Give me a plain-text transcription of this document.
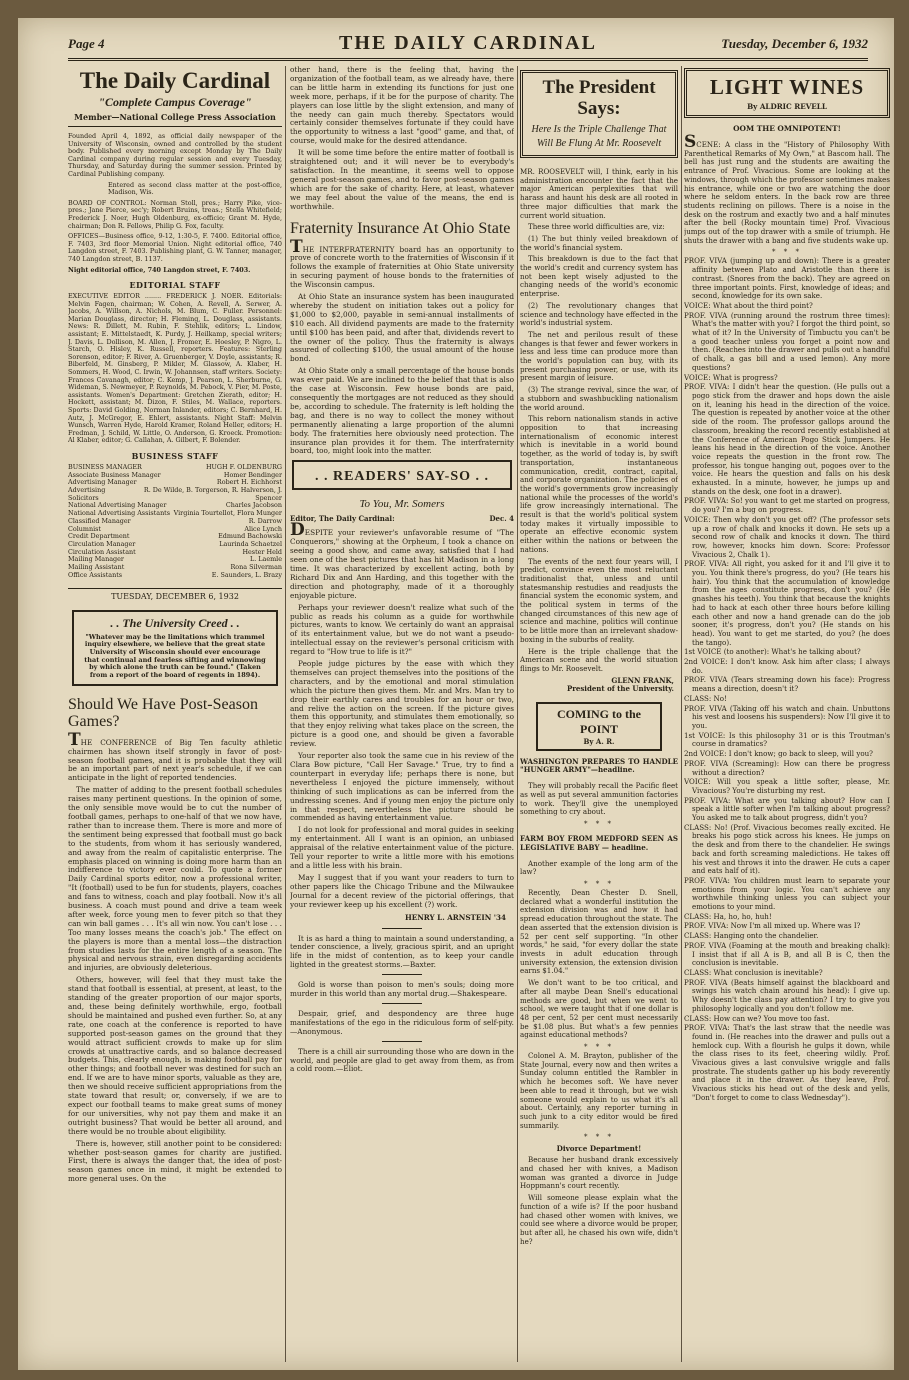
Page 4	THE DAILY CARDINAL	Tuesday, December 6, 1932
The Daily Cardinal
"Complete Campus Coverage"
Member—National College Press Association

Founded April 4, 1892, as official daily newspaper of the University of Wisconsin, owned and controlled by the student body. Published every morning except Monday by The Daily Cardinal company during regular session and every Tuesday, Thursday, and Saturday during the summer session. Printed by Cardinal Publishing company.

Entered as second class matter at the post-office, Madison, Wis.

BOARD OF CONTROL: Norman Stoll, pres.; Harry Pike, vice-pres.; Jane Pierce, sec'y; Robert Bruins, treas.; Stella Whitefield; Frederick J. Noer, Hugh Oldenburg, ex-officio; Grant M. Hyde, chairman; Don R. Fellows, Philip G. Fox, faculty.

OFFICES—Business office, 9-12, 1:30-5, F. 7400. Editorial office, F. 7403, 3rd floor Memorial Union. Night editorial office, 740 Langdon street, F. 7403. Publishing plant, G. W. Tanner, manager, 740 Langdon street, B. 1137.

Night editorial office, 740 Langdon street, F. 7403.

EDITORIAL STAFF

EXECUTIVE EDITOR ........ FREDERICK J. NOER. Editorials: Melvin Fagen, chairman; W. Cohen, A. Revell, A. Serwer, A. Jacobs, A. Willson, A. Nichols, M. Blum, C. Fuller. Personnel: Marian Douglass, director; H. Fleming, L. Douglass, assistants. News: R. Dillett, M. Rubin, F. Stehlik, editors; L. Lindow, assistant; E. Mittelstaedt, K. Purdy, J. Heilkamp, special writers; J. Davis, L. Dollison, M. Allen, J. Fromer, E. Hoesley, P. Nigro, L. Starch, O. Hisley, K. Russell, reporters. Features: Sterling Sorenson, editor; F. River, A. Gruenberger, V. Doyle, assistants; R. Biberfeld, M. Ginsberg, P. Mikler, M. Glassow, A. Klaber, H. Sommers, H. Wood, C. Irwin, W. Johannsen, staff writers. Society: Frances Cavanagh, editor; C. Kemp, J. Pearson, L. Sherburne, G. Wideman, S. Newmeyer, P. Reynolds, M. Pebock, V. Pier, M. Poste, assistants. Women's Department: Gretchen Zierath, editor; H. Hockett, assistant; M. Dizon, F. Stiles, M. Wallace, reporters. Sports: David Golding, Norman Inlander, editors; C. Bernhard, H. Autz, J. McGregor, E. Ehlert, assistants. Night Staff: Melvin Wunsch, Warren Hyde, Harold Kramer, Roland Heller, editors; H. Fredman, J. Schild, W. Little, O. Anderson, G. Kroeck. Promotion: Al Klaber, editor; G. Callahan, A. Gilbert, F. Bolender.

BUSINESS STAFF
BUSINESS MANAGER	HUGH F. OLDENBURG
Associate Business Manager	Homer Bendinger
Advertising Manager	Robert H. Eichhorst
Advertising Solicitors
R. De Wilde, B. Torgerson, R. Halverson, J. Spencer
National Advertising Manager	Charles Jacobson
National Advertising Assistants Virginia Tourtellot, Flora Munger
Classified Manager	R. Darrow
Columnist	Alice Lynch
Credit Department	Edmund Bachowski
Circulation Manager	Laurinda Schaetzel
Circulation Assistant	Hester Held
Mailing Manager	L. Laemle
Mailing Assistant	Rona Silverman
Office Assistants	E. Saunders, L. Brazy
TUESDAY, DECEMBER 6, 1932
. . The University Creed . .
"Whatever may be the limitations which trammel inquiry elsewhere, we believe that the great state University of Wisconsin should ever encourage that continual and fearless sifting and winnowing by which alone the truth can be found." (Taken from a report of the board of regents in 1894).
Should We Have Post-Season Games?

THE CONFERENCE of Big Ten faculty athletic chairmen has shown itself strongly in favor of post-season football games, and it is probable that they will be an important part of next year's schedule, if we can anticipate in the light of reported tendencies.

The matter of adding to the present football schedules raises many pertinent questions. In the opinion of some, the only sensible move would be to cut the number of football games, perhaps to one-half of that we now have, rather than to increase them. There is more and more of the sentiment being expressed that football must go back to the students, from whom it has seriously wandered, and away from the realm of capitalistic enterprise. The emphasis placed on winning is doing more harm than an indifference to victory ever could. To quote a former Daily Cardinal sports editor, now a professional writer, "It (football) used to be fun for students, players, coaches and fans to witness, coach and play football. Now it's all business. A coach must pound and drive a team week after week, force young men to fever pitch so that they can win ball games . . . It's all win now. You can't lose . . . Too many losses means the coach's job." The effect on the players is more than a mental loss—the distraction from studies lasts for the entire length of a season. The physical and nervous strain, even disregarding accidents and injuries, are obviously deleterious.

Others, however, will feel that they must take the stand that football is essential, at present, at least, to the standing of the greater proportion of our major sports, and, these being definitely worthwhile, ergo, football should be maintained and pushed even further. So, at any rate, one coach at the conference is reported to have supported post-season games on the ground that they would attract sufficient crowds to make up for slim crowds at unattractive cards, and so balance decreased budgets. This, clearly enough, is making football pay for other things; and football never was destined for such an end. If we are to have minor sports, valuable as they are, then we should receive sufficient appropriations from the state toward that result; or, conversely, if we are to expect our football teams to make great sums of money for our universities, why not pay them and make it an outright business? That would be better all around, and there would be no trouble about eligibility.

There is, however, still another point to be considered: whether post-season games for charity are justified. First, there is always the danger that, the idea of post-season games once in mind, it might be extended to more general uses. On the

other hand, there is the feeling that, having the organization of the football team, as we already have, there can be little harm in extending its functions for just one week more, perhaps, if it be for the purpose of charity. The players can lose little by the slight extension, and many of the needy can gain much thereby. Spectators would certainly consider themselves fortunate if they could have the opportunity to witness a last "good" game, and that, of course, would make for the desired attendance.

It will be some time before the entire matter of football is straightened out; and it will never be to everybody's satisfaction. In the meantime, it seems well to oppose general post-season games, and to favor post-season games which are for the sake of charity. Here, at least, whatever we may feel about the value of the means, the end is worthwhile.

Fraternity Insurance At Ohio State

THE INTERFRATERNITY board has an opportunity to prove of concrete worth to the fraternities of Wisconsin if it follows the example of fraternities at Ohio State university in securing payment of house bonds to the fraternities of the Wisconsin campus.

At Ohio State an insurance system has been inaugurated whereby the student on initiation takes out a policy for $1,000 to $2,000, payable in semi-annual installments of $10 each. All dividend payments are made to the fraternity until $100 has been paid, and after that, dividends revert to the owner of the policy. Thus the fraternity is always assured of collecting $100, the usual amount of the house bond.

At Ohio State only a small percentage of the house bonds was ever paid. We are inclined to the belief that that is also the case at Wisconsin. Few house bonds are paid, consequently the mortgages are not reduced as they should be, according to schedule. The fraternity is left holding the bag, and there is no way to collect the money without permanently alienating a large proportion of the alumni body. The fraternities here obviously need protection. The insurance plan provides it for them. The interfraternity board, too, might look into the matter.

. . READERS' SAY-SO . .
To You, Mr. Somers
Editor, The Daily Cardinal:	Dec. 4

DESPITE your reviewer's unfavorable resume of "The Conquerors," showing at the Orpheum, I took a chance on seeing a good show, and came away, satisfied that I had seen one of the best pictures that has hit Madison in a long time. It was characterized by excellent acting, both by Richard Dix and Ann Harding, and this together with the direction and photography, made of it a thoroughly enjoyable picture.

Perhaps your reviewer doesn't realize what such of the public as reads his column as a guide for worthwhile pictures, wants to know. We certainly do want an appraisal of its entertainment value, but we do not want a pseudo-intellectual essay on the reviewer's personal criticism with regard to "How true to life is it?"

People judge pictures by the ease with which they themselves can project themselves into the positions of the characters, and by the emotional and moral stimulation which the picture then gives them. Mr. and Mrs. Man try to drop their earthly cares and troubles for an hour or two, and relive the action on the screen. If the picture gives them this opportunity, and stimulates them emotionally, so that they enjoy reliving what takes place on the screen, the picture is a good one, and should be given a favorable review.

Your reporter also took the same cue in his review of the Clara Bow picture, "Call Her Savage." True, try to find a counterpart in everyday life; perhaps there is none, but nevertheless I enjoyed the picture immensely, without thinking of such implications as can be inferred from the undressing scenes. And if young men enjoy the picture only in that respect, nevertheless the picture should be commended as having entertainment value.

I do not look for professional and moral guides in seeking my entertainment. All I want is an opinion, an unbiased appraisal of the relative entertainment value of the picture. Tell your reporter to write a little more with his emotions and a little less with his brain.

May I suggest that if you want your readers to turn to other papers like the Chicago Tribune and the Milwaukee Journal for a decent review of the pictorial offerings, that your reviewer keep up his excellent (?) work.

HENRY L. ARNSTEIN '34

It is as hard a thing to maintain a sound understanding, a tender conscience, a lively, gracious spirit, and an upright life in the midst of contention, as to keep your candle lighted in the greatest storms.—Baxter.

Gold is worse than poison to men's souls; doing more murder in this world than any mortal drug.—Shakespeare.

Despair, grief, and despondency are three huge manifestations of the ego in the ridiculous form of self-pity.—Anonymous.

There is a chill air surrounding those who are down in the world, and people are glad to get away from them, as from a cold room.—Eliot.

The President Says:
Here Is the Triple Challenge That Will Be Flung At Mr. Roosevelt

MR. ROOSEVELT will, I think, early in his administration encounter the fact that the major American perplexities that will harass and haunt his desk are all rooted in three major difficulties that mark the current world situation.

These three world difficulties are, viz:

(1) The but thinly veiled breakdown of the world's financial system.

This breakdown is due to the fact that the world's credit and currency system has not been kept wisely adjusted to the changing needs of the world's economic enterprise.

(2) The revolutionary changes that science and technology have effected in the world's industrial system.

The net and perilous result of these changes is that fewer and fewer workers in less and less time can produce more than the world's population can buy, with its present purchasing power, or use, with its present margin of leisure.

(3) The strange revival, since the war, of a stubborn and swashbuckling nationalism the world around.

This reborn nationalism stands in active opposition to that increasing internationalism of economic interest which is inevitable in a world bound together, as the world of today is, by swift transportation, instantaneous communication, credit, contract, capital, and corporate organization. The policies of the world's governments grow increasingly national while the processes of the world's life grow increasingly international. The result is that the world's political system today makes it virtually impossible to operate an effective economic system either within the nations or between the nations.

The events of the next four years will, I predict, convince even the most reluctant traditionalist that, unless and until statesmanship restudies and readjusts the financial system the economic system, and the political system in terms of the changed circumstances of this new age of science and machine, politics will continue to be little more than an irrelevant shadow-boxing in the suburbs of reality.

Here is the triple challenge that the American scene and the world situation flings to Mr. Roosevelt.

GLENN FRANK,
President of the University.
COMING to the POINT
By A. R.

WASHINGTON PREPARES TO HANDLE "HUNGER ARMY"—headline.

They will probably recall the Pacific fleet as well as put several ammunition factories to work. They'll give the unemployed something to cry about.

* * *

FARM BOY FROM MEDFORD SEEN AS LEGISLATIVE BABY — headline.

Another example of the long arm of the law?

* * *

Recently, Dean Chester D. Snell, declared what a wonderful institution the extension division was and how it had spread education throughout the state. The dean asserted that the extension division is 52 per cent self supporting. "In other words," he said, "for every dollar the state invests in adult education through university extension, the extension division earns $1.04."

We don't want to be too critical, and after all maybe Dean Snell's educational methods are good, but when we went to school, we were taught that if one dollar is 48 per cent, 52 per cent must necessarily be $1.08 plus. But what's a few pennies against educational methods?

* * *

Colonel A. M. Brayton, publisher of the State Journal, every now and then writes a Sunday column entitled the Rambler in which he becomes soft. We have never been able to read it through, but we wish someone would explain to us what it's all about. Certainly, any reporter turning in such junk to a city editor would be fired summarily.

* * *
Divorce Department!

Because her husband drank excessively and chased her with knives, a Madison woman was granted a divorce in Judge Hoppmann's court recently.

Will someone please explain what the function of a wife is? If the poor husband had chased other women with knives, we could see where a divorce would be proper, but after all, he chased his own wife, didn't he?

LIGHT WINES
By ALDRIC REVELL
OOM THE OMNIPOTENT!

SCENE: A class in the "History of Philosophy With Parenthetical Remarks of My Own," at Bascom hall. The bell has just rung and the students are awaiting the entrance of Prof. Vivacious. Some are looking at the windows, through which the professor sometimes makes his entrance, while one or two are watching the door where he seldom enters. In the back row are three students reclining on pillows. There is a noise in the desk on the rostrum and exactly two and a half minutes after the bell (Rocky mountain time) Prof. Vivacious jumps out of the top drawer with a smile of triumph. He shuts the drawer with a bang and five students wake up.

* * *

PROF. VIVA (jumping up and down): There is a greater affinity between Plato and Aristotle than there is contrast. (Snores from the back). They are agreed on three important points. First, knowledge of ideas; and second, knowledge for its own sake.

VOICE: What about the third point?

PROF. VIVA (running around the rostrum three times): What's the matter with you? I forgot the third point, so what of it? In the University of Timbuctu you can't be a good teacher unless you forget a point now and then. (Reaches into the drawer and pulls out a handful of chalk, a gas bill and a used lemon). Any more questions?

VOICE: What is progress?

PROF. VIVA: I didn't hear the question. (He pulls out a pogo stick from the drawer and hops down the aisle on it, leaning his head in the direction of the voice. The question is repeated by another voice at the other side of the room. The professor gallops around the classroom, breaking the record recently established at the Conference of American Pogo Stick Jumpers. He leans his head in the direction of the voice. Another voice repeats the question in the front row. The professor, his tongue hanging out, pogoes over to the voice. He hears the question and falls on his desk exhausted. In a minute, however, he jumps up and stands on the desk, one foot in a drawer).

PROF. VIVA: So! you want to get me started on progress, do you? I'm a bug on progress.

VOICE: Then why don't you get off? (The professor sets up a row of chalk and knocks it down. He sets up a second row of chalk and knocks it down. The third row, however, knocks him down. Score: Professor Vivacious 2, Chalk 1).

PROF. VIVA: All right, you asked for it and I'll give it to you. You think there's progress, do you? (He tears his hair). You think that the accumulation of knowledge from the ages constitute progress, don't you? (He gnashes his teeth). You think that because the knights had to hack at each other three hours before killing each other and now a hand grenade can do the job sooner, it's progress, don't you? (He stands on his head). You want to get me started, do you? (he does the tango).

1st VOICE (to another): What's he talking about?

2nd VOICE: I don't know. Ask him after class; I always do.

PROF. VIVA (Tears streaming down his face): Progress means a direction, doesn't it?

CLASS: No!

PROF. VIVA (Taking off his watch and chain. Unbuttons his vest and loosens his suspenders): Now I'll give it to you.

1st VOICE: Is this philosophy 31 or is this Troutman's course in dramatics?

2nd VOICE: I don't know; go back to sleep, will you?

PROF. VIVA (Screaming): How can there be progress without a direction?

VOICE: Will you speak a little softer, please, Mr. Vivacious? You're disturbing my rest.

PROF. VIVA: What are you talking about? How can I speak a little softer when I'm talking about progress? You asked me to talk about progress, didn't you?

CLASS: No! (Prof. Vivacious becomes really excited. He breaks his pogo stick across his knees. He jumps on the desk and from there to the chandelier. He swings back and forth screaming maledictions. He takes off his vest and throws it into the drawer. He cuts a caper and eats half of it).

PROF. VIVA: You children must learn to separate your emotions from your logic. You can't achieve any worthwhile thinking unless you can subject your emotions to your mind.

CLASS: Ha, ho, ho, huh!

PROF. VIVA: Now I'm all mixed up. Where was I?

CLASS: Hanging onto the chandelier.

PROF. VIVA (Foaming at the mouth and breaking chalk): I insist that if all A is B, and all B is C, then the conclusion is inevitable.

CLASS: What conclusion is inevitable?

PROF. VIVA (Beats himself against the blackboard and swings his watch chain around his head): I give up. Why doesn't the class pay attention? I try to give you philosophy logically and you don't follow me.

CLASS: How can we? You move too fast.

PROF. VIVA: That's the last straw that the needle was found in. (He reaches into the drawer and pulls out a hemlock cup. With a flourish he gulps it down, while the class rises to its feet, cheering wildly. Prof. Vivacious gives a last convulsive wriggle and falls prostrate. The students gather up his body reverently and place it in the drawer. As they leave, Prof. Vivacious sticks his head out of the desk and yells, "Don't forget to come to class Wednesday").
